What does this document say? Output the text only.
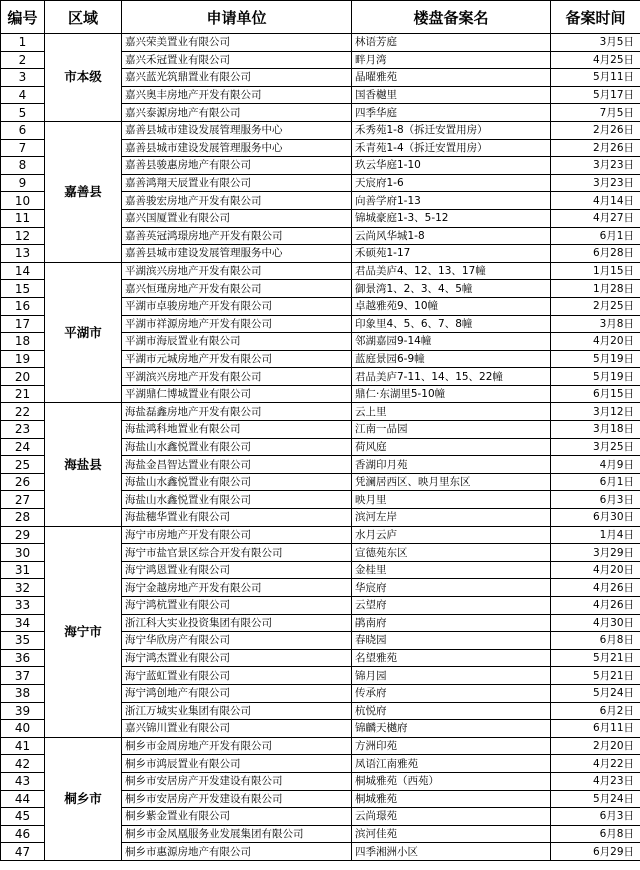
编号	区域	申请单位	楼盘备案名	备案时间
1	市本级	嘉兴荣美置业有限公司	林语芳庭	3月5日
2		嘉兴禾冠置业有限公司	畔月湾	4月25日
3		嘉兴蓝光筑鼎置业有限公司	晶曜雅苑	5月11日
4		嘉兴奥丰房地产开发有限公司	国香樾里	5月17日
5		嘉兴泰源房地产有限公司	四季华庭	7月5日
6	嘉善县	嘉善县城市建设发展管理服务中心	禾秀苑1-8（拆迁安置用房）	2月26日
7		嘉善县城市建设发展管理服务中心	禾青苑1-4（拆迁安置用房）	2月26日
8		嘉善县骏惠房地产有限公司	玖云华庭1-10	3月23日
9		嘉善鸿翔天辰置业有限公司	天宸府1-6	3月23日
10		嘉善骏宏房地产开发有限公司	向善学府1-13	4月14日
11		嘉兴国厦置业有限公司	锦城豪庭1-3、5-12	4月27日
12		嘉善英冠鸿璟房地产开发有限公司	云尚风华城1-8	6月1日
13		嘉善县城市建设发展管理服务中心	禾硕苑1-17	6月28日
14	平湖市	平湖滨兴房地产开发有限公司	君品美庐4、12、13、17幢	1月15日
15		嘉兴恒瑾房地产开发有限公司	御景湾1、2、3、4、5幢	1月28日
16		平湖市卓骏房地产开发有限公司	卓越雅苑9、10幢	2月25日
17		平湖市祥源房地产开发有限公司	印象里4、5、6、7、8幢	3月8日
18		平湖市海辰置业有限公司	邻湖嘉园9-14幢	4月20日
19		平湖市元城房地产开发有限公司	蓝庭景园6-9幢	5月19日
20		平湖滨兴房地产开发有限公司	君品美庐7-11、14、15、22幢	5月19日
21		平湖鼎仁博城置业有限公司	鼎仁·东湖里5-10幢	6月15日
22	海盐县	海盐磊鑫房地产开发有限公司	云上里	3月12日
23		海盐鸿科地置业有限公司	江南一品园	3月18日
24		海盐山水鑫悦置业有限公司	荷风庭	3月25日
25		海盐金昌智达置业有限公司	香湖印月苑	4月9日
26		海盐山水鑫悦置业有限公司	凭澜居西区、映月里东区	6月1日
27		海盐山水鑫悦置业有限公司	映月里	6月3日
28		海盐穗华置业有限公司	滨河左岸	6月30日
29	海宁市	海宁市房地产开发有限公司	水月云庐	1月4日
30		海宁市盐官景区综合开发有限公司	宣德苑东区	3月29日
31		海宁鸿恩置业有限公司	金桂里	4月20日
32		海宁金越房地产开发有限公司	华宸府	4月26日
33		海宁鸿杭置业有限公司	云望府	4月26日
34		浙江科大实业投资集团有限公司	鹃南府	4月30日
35		海宁华欣房产有限公司	春晓园	6月8日
36		海宁鸿杰置业有限公司	名望雅苑	5月21日
37		海宁蓝虹置业有限公司	锦月园	5月21日
38		海宁鸿创地产有限公司	传承府	5月24日
39		浙江万城实业集团有限公司	杭悦府	6月2日
40		嘉兴锦川置业有限公司	锦麟天樾府	6月11日
41	桐乡市	桐乡市金周房地产开发有限公司	方洲印苑	2月20日
42		桐乡市鸿辰置业有限公司	凤语江南雅苑	4月22日
43		桐乡市安居房产开发建设有限公司	桐城雅苑（西苑）	4月23日
44		桐乡市安居房产开发建设有限公司	桐城雅苑	5月24日
45		桐乡紫金置业有限公司	云尚璟苑	6月3日
46		桐乡市金凤凰服务业发展集团有限公司	滨河佳苑	6月8日
47		桐乡市惠源房地产有限公司	四季湘洲小区	6月29日
